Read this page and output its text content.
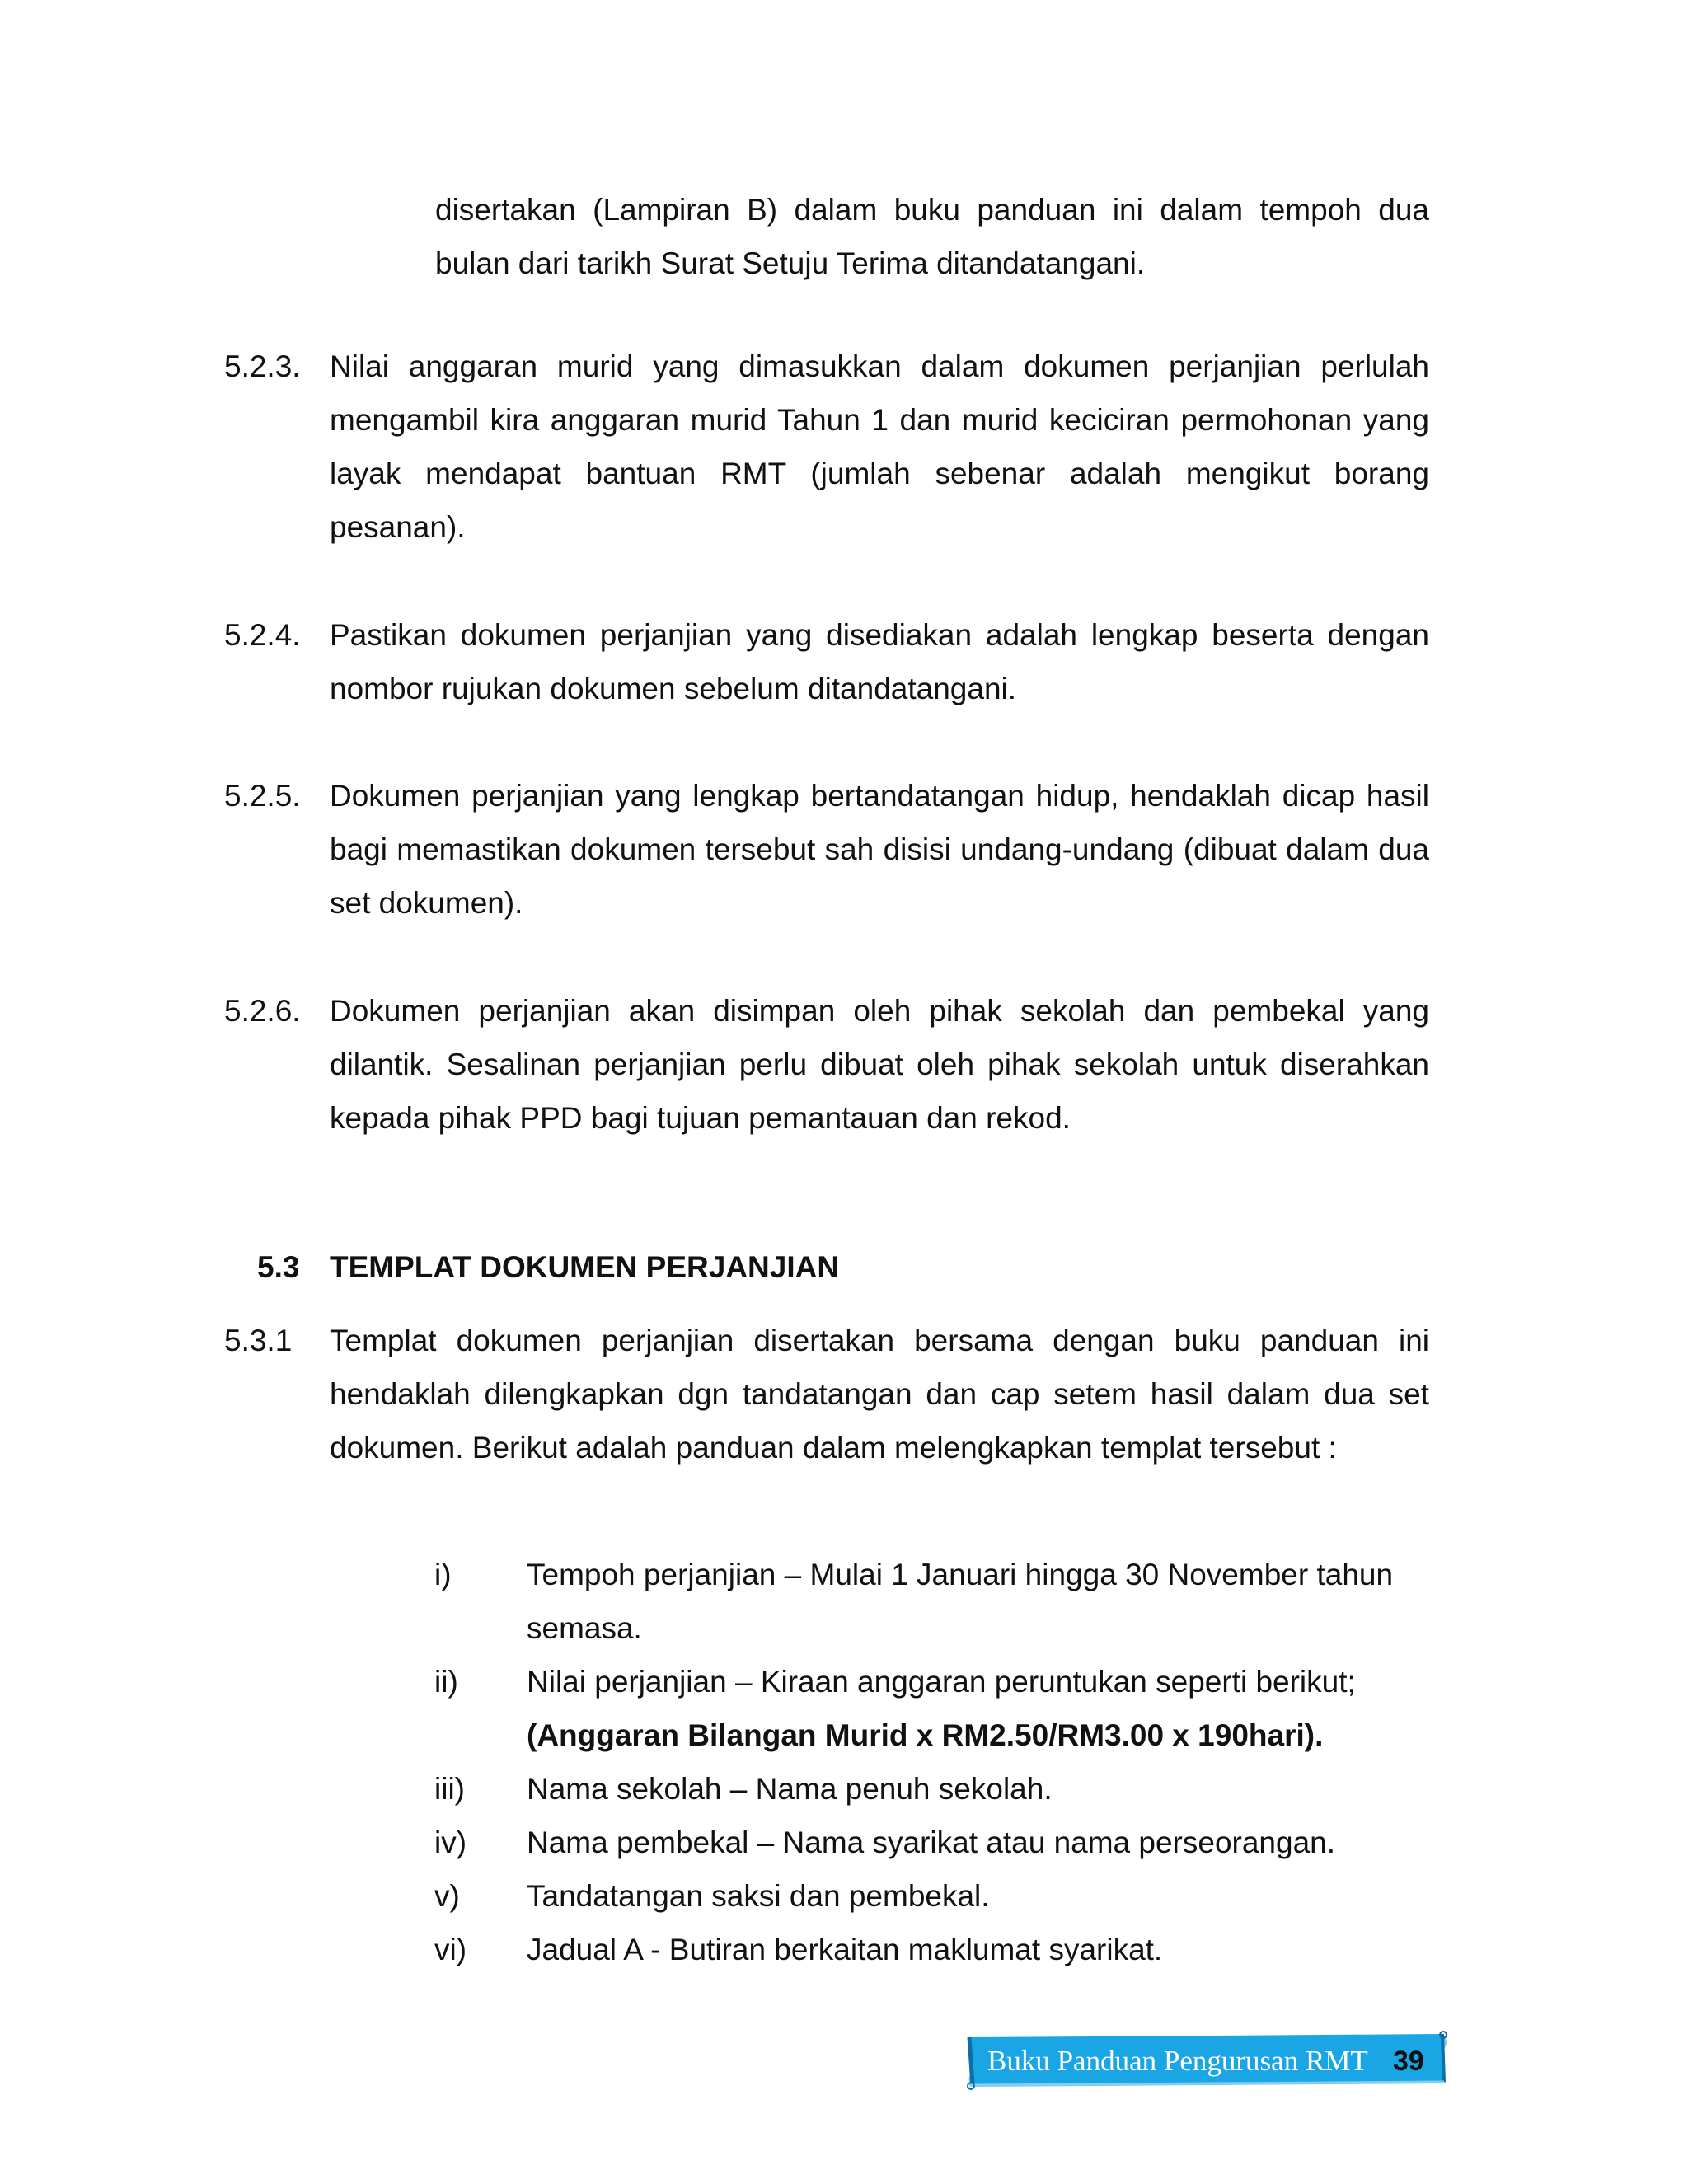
disertakan (Lampiran B) dalam buku panduan ini dalam tempoh dua bulan dari tarikh Surat Setuju Terima ditandatangani.
5.2.3. Nilai anggaran murid yang dimasukkan dalam dokumen perjanjian perlulah mengambil kira anggaran murid Tahun 1 dan murid keciciran permohonan yang layak mendapat bantuan RMT (jumlah sebenar adalah mengikut borang pesanan).
5.2.4. Pastikan dokumen perjanjian yang disediakan adalah lengkap beserta dengan nombor rujukan dokumen sebelum ditandatangani.
5.2.5. Dokumen perjanjian yang lengkap bertandatangan hidup, hendaklah dicap hasil bagi memastikan dokumen tersebut sah disisi undang-undang (dibuat dalam dua set dokumen).
5.2.6. Dokumen perjanjian akan disimpan oleh pihak sekolah dan pembekal yang dilantik. Sesalinan perjanjian perlu dibuat oleh pihak sekolah untuk diserahkan kepada pihak PPD bagi tujuan pemantauan dan rekod.
5.3 TEMPLAT DOKUMEN PERJANJIAN
5.3.1 Templat dokumen perjanjian disertakan bersama dengan buku panduan ini hendaklah dilengkapkan dgn tandatangan dan cap setem hasil dalam dua set dokumen. Berikut adalah panduan dalam melengkapkan templat tersebut :
i) Tempoh perjanjian – Mulai 1 Januari hingga 30 November tahun semasa.
ii) Nilai perjanjian – Kiraan anggaran peruntukan seperti berikut;
(Anggaran Bilangan Murid x RM2.50/RM3.00 x 190hari).
iii) Nama sekolah – Nama penuh sekolah.
iv) Nama pembekal – Nama syarikat atau nama perseorangan.
v) Tandatangan saksi dan pembekal.
vi) Jadual A - Butiran berkaitan maklumat syarikat.
Buku Panduan Pengurusan RMT 39
